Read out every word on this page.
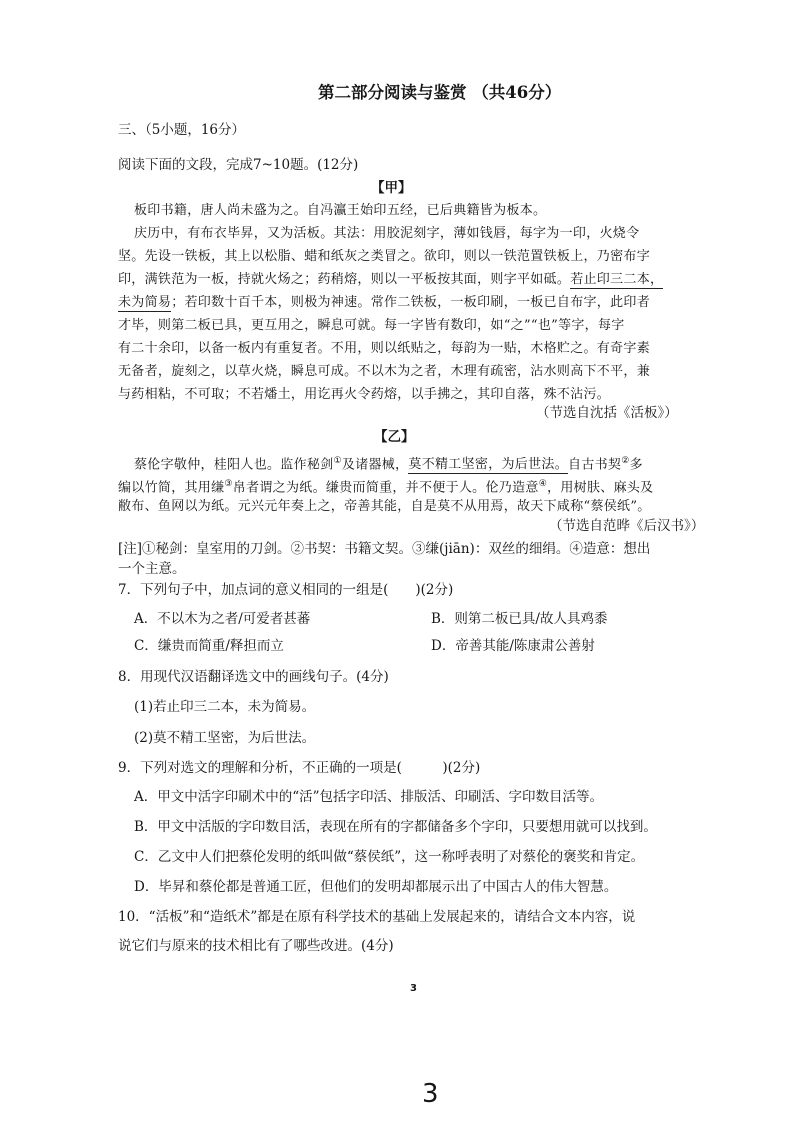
第二部分阅读与鉴赏 （共46分）
三、（5小题，16分）
阅读下面的文段，完成7~10题。(12分)
【甲】
板印书籍，唐人尚未盛为之。自冯瀛王始印五经，已后典籍皆为板本。
庆历中，有布衣毕昇，又为活板。其法：用胶泥刻字，薄如钱唇，每字为一印，火烧令
坚。先设一铁板，其上以松脂、蜡和纸灰之类冒之。欲印，则以一铁范置铁板上，乃密布字
印，满铁范为一板，持就火炀之；药稍熔，则以一平板按其面，则字平如砥。若止印三二本，
未为简易；若印数十百千本，则极为神速。常作二铁板，一板印刷，一板已自布字，此印者
才毕，则第二板已具，更互用之，瞬息可就。每一字皆有数印，如“之”“也”等字，每字
有二十余印，以备一板内有重复者。不用，则以纸贴之，每韵为一贴，木格贮之。有奇字素
无备者，旋刻之，以草火烧，瞬息可成。不以木为之者，木理有疏密，沾水则高下不平，兼
与药相粘，不可取；不若燔土，用讫再火令药熔，以手拂之，其印自落，殊不沾污。
（节选自沈括《活板》）
【乙】
蔡伦字敬仲，桂阳人也。监作秘剑①及诸器械，莫不精工坚密，为后世法。自古书契②多
编以竹简，其用缣③帛者谓之为纸。缣贵而简重，并不便于人。伦乃造意④，用树肤、麻头及
敝布、鱼网以为纸。元兴元年奏上之，帝善其能，自是莫不从用焉，故天下咸称“蔡侯纸”。
（节选自范晔《后汉书》）
[注]①秘剑：皇室用的刀剑。②书契：书籍文契。③缣(jiān)：双丝的细绢。④造意：想出
一个主意。
7．下列句子中，加点词的意义相同的一组是(　　)(2分)
A．不以木为之者/可爱者甚蕃	B．则第二板已具/故人具鸡黍
C．缣贵而简重/释担而立	D．帝善其能/陈康肃公善射
8．用现代汉语翻译选文中的画线句子。(4分)
(1)若止印三二本，未为简易。
(2)莫不精工坚密，为后世法。
9．下列对选文的理解和分析，不正确的一项是(　　　)(2分)
A．甲文中活字印刷术中的“活”包括字印活、排版活、印刷活、字印数目活等。
B．甲文中活版的字印数目活，表现在所有的字都储备多个字印，只要想用就可以找到。
C．乙文中人们把蔡伦发明的纸叫做“蔡侯纸”，这一称呼表明了对蔡伦的褒奖和肯定。
D．毕昇和蔡伦都是普通工匠，但他们的发明却都展示出了中国古人的伟大智慧。
10．“活板”和“造纸术”都是在原有科学技术的基础上发展起来的，请结合文本内容，说
说它们与原来的技术相比有了哪些改进。(4分)
3
3
